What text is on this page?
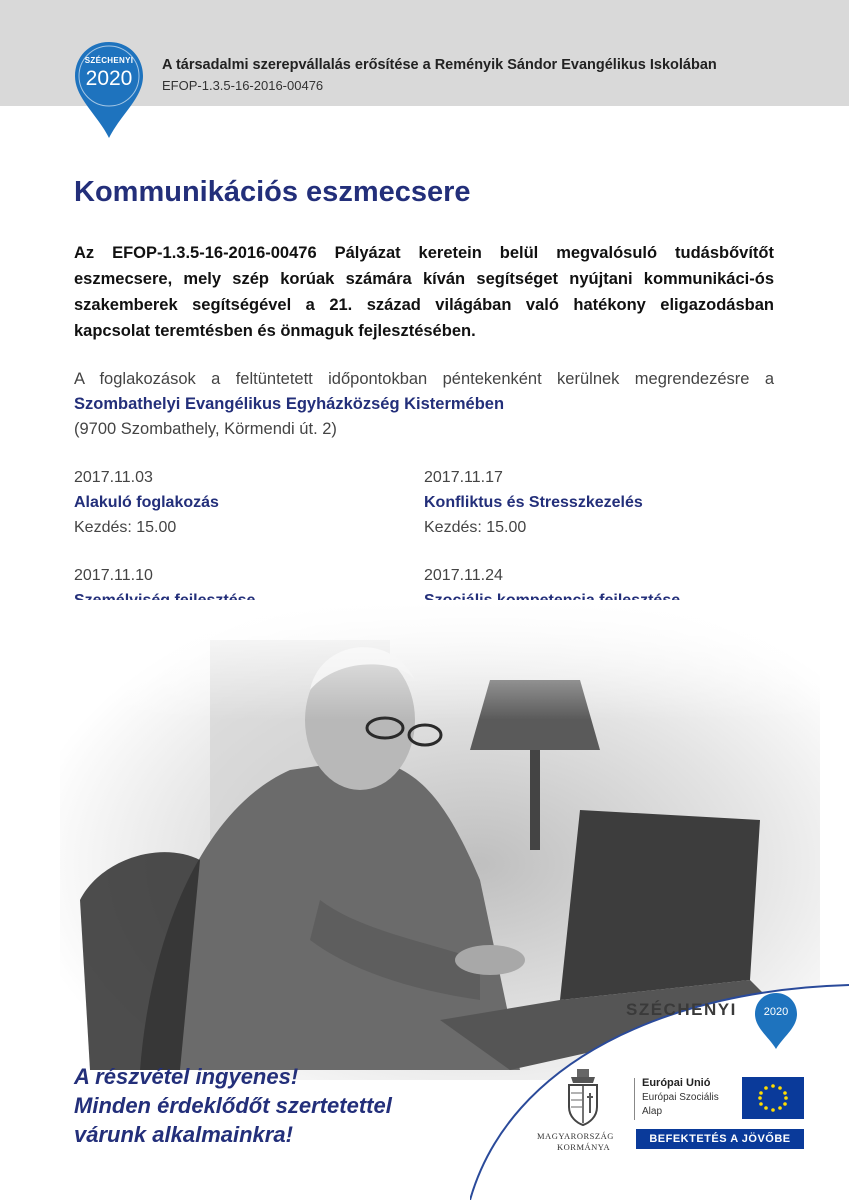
SZÉCHENYI
2020
A társadalmi szerepvállalás erősítése a Reményik Sándor Evangélikus Iskolában
EFOP-1.3.5-16-2016-00476
Kommunikációs eszmecsere
Az EFOP-1.3.5-16-2016-00476 Pályázat keretein belül megvalósuló tudásbővítőt eszmecsere, mely szép korúak számára kíván segítséget nyújtani kommunikáci-ós szakemberek segítségével a 21. század világában való hatékony eligazodásban kapcsolat teremtésben és önmaguk fejlesztésében.
A foglakozások a feltüntetett időpontokban péntekenként kerülnek megrendezésre a
Szombathelyi Evangélikus Egyházközség Kistermében
(9700 Szombathely, Körmendi út. 2)
2017.11.03
Alakuló foglakozás
Kezdés: 15.00
2017.11.17
Konfliktus és Stresszkezelés
Kezdés: 15.00
2017.11.10	2017.11.24
A részvétel ingyenes!
Minden érdeklődőt szertetettel
várunk alkalmainkra!
SZÉCHENYI	2020
MAGYARORSZÁG
KORMÁNYA
Európai Unió
Európai Szociális
Alap
BEFEKTETÉS A JÖVŐBE
